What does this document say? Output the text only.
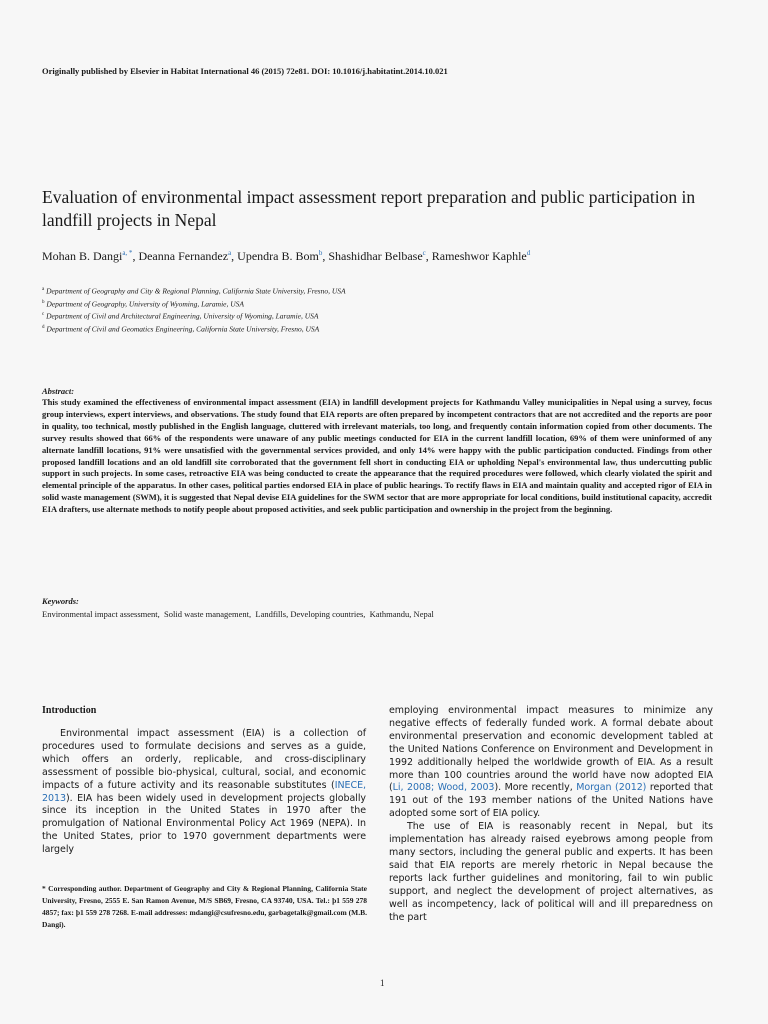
Originally published by Elsevier in Habitat International 46 (2015) 72e81. DOI: 10.1016/j.habitatint.2014.10.021
Evaluation of environmental impact assessment report preparation and public participation in landfill projects in Nepal
Mohan B. Dangi$^{a, *}$, Deanna Fernandez$^a$, Upendra B. Bom$^b$, Shashidhar Belbase$^c$, Rameshwor Kaphle$^d$
$^a$ Department of Geography and City & Regional Planning, California State University, Fresno, USA
$^b$ Department of Geography, University of Wyoming, Laramie, USA
$^c$ Department of Civil and Architectural Engineering, University of Wyoming, Laramie, USA
$^d$ Department of Civil and Geomatics Engineering, California State University, Fresno, USA
Abstract:
This study examined the effectiveness of environmental impact assessment (EIA) in landfill development projects for Kathmandu Valley municipalities in Nepal using a survey, focus group interviews, expert interviews, and observations. The study found that EIA reports are often prepared by incompetent contractors that are not accredited and the reports are poor in quality, too technical, mostly published in the English language, cluttered with irrelevant materials, too long, and frequently contain information copied from other documents. The survey results showed that 66% of the respondents were unaware of any public meetings conducted for EIA in the current landfill location, 69% of them were uninformed of any alternate landfill locations, 91% were unsatisfied with the governmental services provided, and only 14% were happy with the public participation conducted. Findings from other proposed landfill locations and an old landfill site corroborated that the government fell short in conducting EIA or upholding Nepal's environmental law, thus undercutting public support in such projects. In some cases, retroactive EIA was being conducted to create the appearance that the required procedures were followed, which clearly violated the spirit and elemental principle of the apparatus. In other cases, political parties endorsed EIA in place of public hearings. To rectify flaws in EIA and maintain quality and accepted rigor of EIA in solid waste management (SWM), it is suggested that Nepal devise EIA guidelines for the SWM sector that are more appropriate for local conditions, build institutional capacity, accredit EIA drafters, use alternate methods to notify people about proposed activities, and seek public participation and ownership in the project from the beginning.
Keywords:
Environmental impact assessment,  Solid waste management,  Landfills, Developing countries,  Kathmandu, Nepal
Introduction

Environmental impact assessment (EIA) is a collection of procedures used to formulate decisions and serves as a guide, which offers an orderly, replicable, and cross-disciplinary assessment of possible bio-physical, cultural, social, and economic impacts of a future activity and its reasonable substitutes (INECE, 2013). EIA has been widely used in development projects globally since its inception in the United States in 1970 after the promulgation of National Environmental Policy Act 1969 (NEPA). In the United States, prior to 1970 government departments were largely

employing environmental impact measures to minimize any negative effects of federally funded work. A formal debate about environmental preservation and economic development tabled at the United Nations Conference on Environment and Development in 1992 additionally helped the worldwide growth of EIA. As a result more than 100 countries around the world have now adopted EIA (Li, 2008; Wood, 2003). More recently, Morgan (2012) reported that 191 out of the 193 member nations of the United Nations have adopted some sort of EIA policy.

The use of EIA is reasonably recent in Nepal, but its implementation has already raised eyebrows among people from many sectors, including the general public and experts. It has been said that EIA reports are merely rhetoric in Nepal because the reports lack further guidelines and monitoring, fail to win public support, and neglect the development of project alternatives, as well as incompetency, lack of political will and ill preparedness on the part

* Corresponding author. Department of Geography and City & Regional Planning, California State University, Fresno, 2555 E. San Ramon Avenue, M/S SB69, Fresno, CA 93740, USA. Tel.: þ1 559 278 4857; fax: þ1 559 278 7268. E-mail addresses: mdangi@csufresno.edu, garbagetalk@gmail.com (M.B. Dangi).
1
